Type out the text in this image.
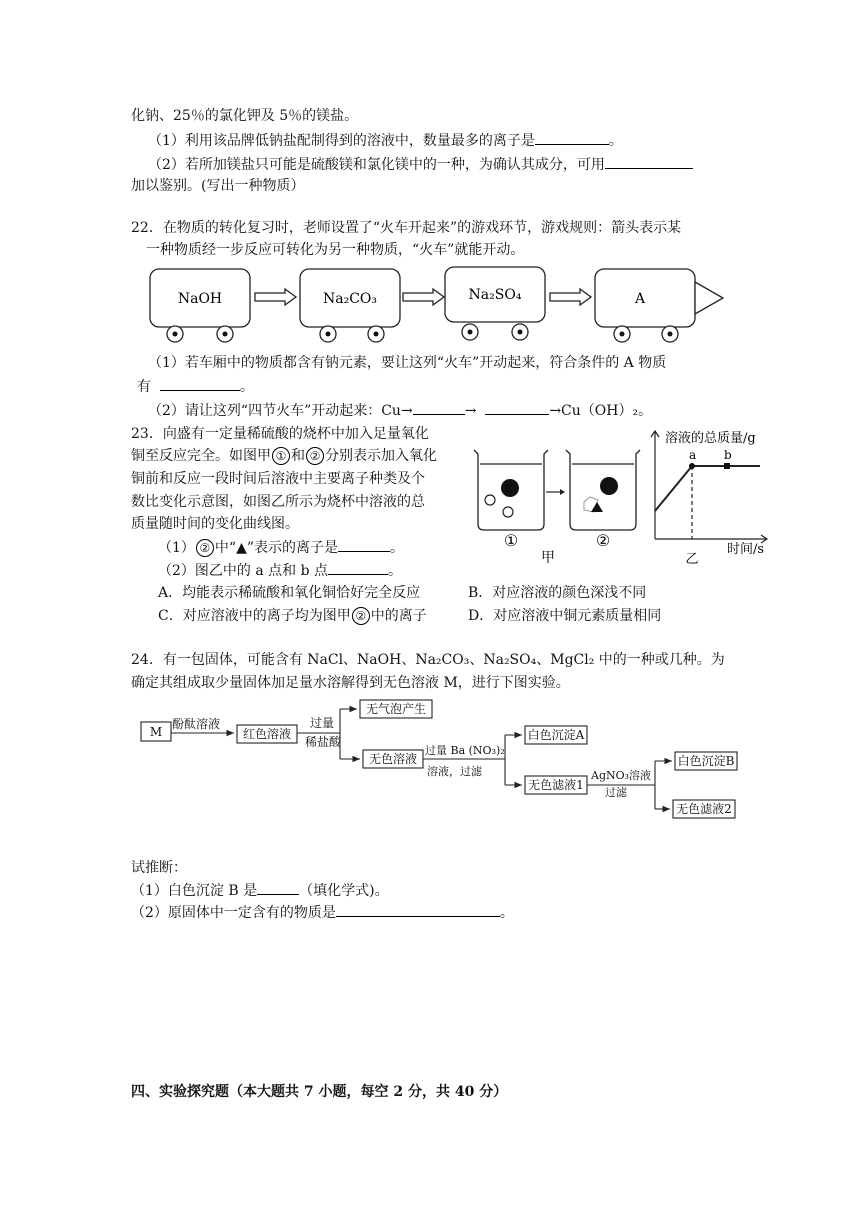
化钠、25％的氯化钾及 5％的镁盐。
（1）利用该品牌低钠盐配制得到的溶液中，数量最多的离子是	。
（2）若所加镁盐只可能是硫酸镁和氯化镁中的一种，为确认其成分，可用
加以鉴别。(写出一种物质）
22．在物质的转化复习时，老师设置了“火车开起来”的游戏环节，游戏规则：箭头表示某
一种物质经一步反应可转化为另一种物质，“火车”就能开动。
NaOH	Na₂CO₃	Na₂SO₄	A
（1）若车厢中的物质都含有钠元素，要让这列“火车”开动起来，符合条件的 A 物质
有	。
（2）请让这列“四节火车”开动起来：Cu→	→	→Cu（OH）₂。
23．向盛有一定量稀硫酸的烧杯中加入足量氧化
铜至反应完全。如图甲 ① 和 ② 分别表示加入氧化
铜前和反应一段时间后溶液中主要离子种类及个
数比变化示意图，如图乙所示为烧杯中溶液的总
质量随时间的变化曲线图。
（1） ② 中“▲”表示的离子是	。
（2）图乙中的 a 点和 b 点	。
A．均能表示稀硫酸和氧化铜恰好完全反应	B．对应溶液的颜色深浅不同
C．对应溶液中的离子均为图甲 ② 中的离子	D．对应溶液中铜元素质量相同
①	②
甲
溶液的总质量/g
a b
时间/s
乙
24．有一包固体，可能含有 NaCl、NaOH、Na₂CO₃、Na₂SO₄、MgCl₂ 中的一种或几种。为
确定其组成取少量固体加足量水溶解得到无色溶液 M，进行下图实验。
M
酚酞溶液
红色溶液
过量
稀盐酸
无气泡产生
无色溶液
过量 Ba (NO₃)₂
溶液，过滤
白色沉淀A
无色滤液1
AgNO₃溶液
过滤
白色沉淀B
无色滤液2
试推断：
（1）白色沉淀 B 是	（填化学式)。
（2）原固体中一定含有的物质是	。
四、实验探究题（本大题共 7 小题，每空 2 分，共 40 分）
